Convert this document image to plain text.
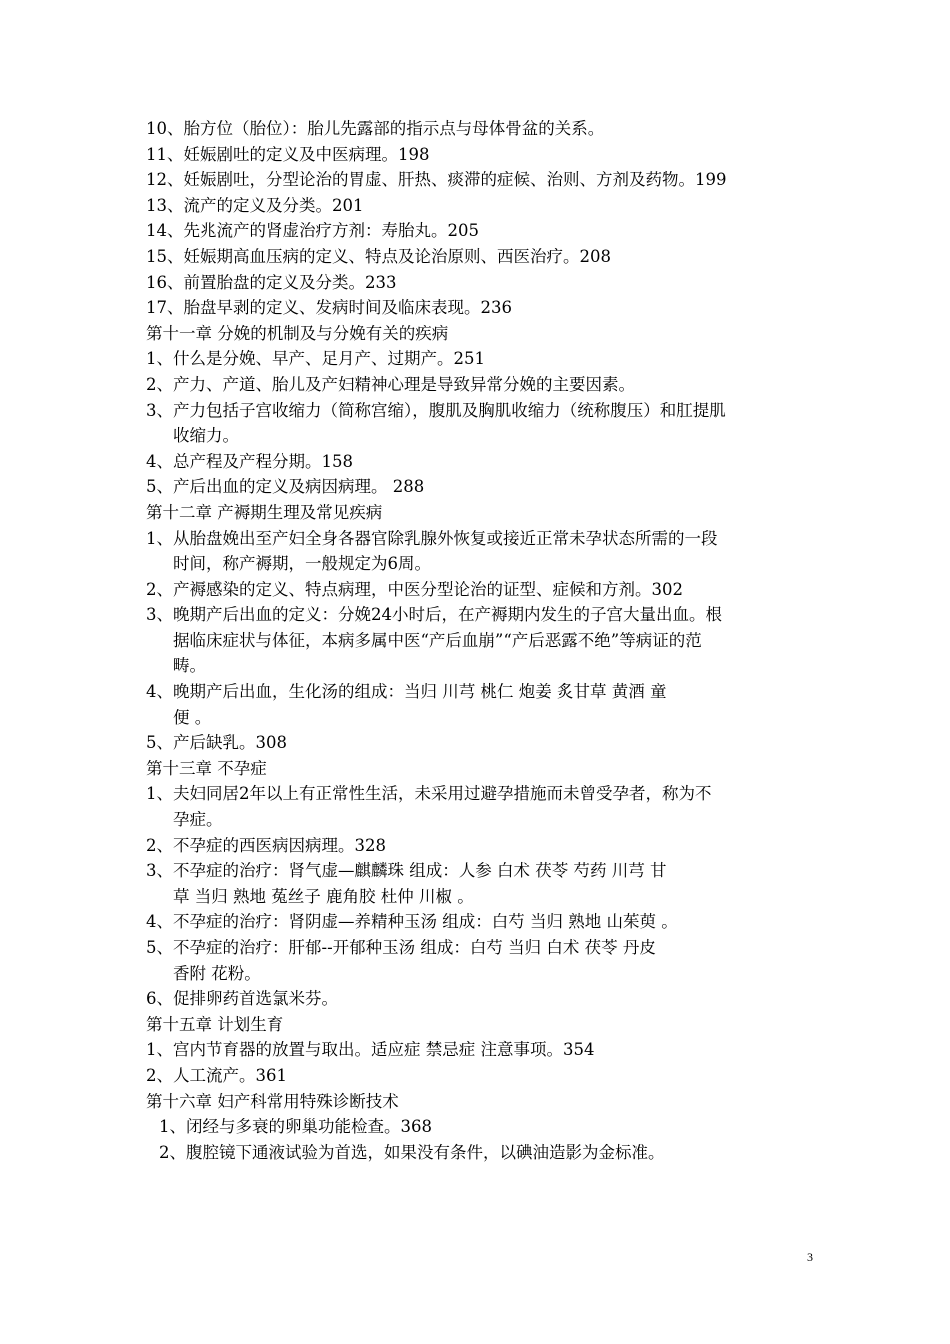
10、胎方位（胎位）：胎儿先露部的指示点与母体骨盆的关系。
11、妊娠剧吐的定义及中医病理。198
12、妊娠剧吐，分型论治的胃虚、肝热、痰滞的症候、治则、方剂及药物。199
13、流产的定义及分类。201
14、先兆流产的肾虚治疗方剂：寿胎丸。205
15、妊娠期高血压病的定义、特点及论治原则、西医治疗。208
16、前置胎盘的定义及分类。233
17、胎盘早剥的定义、发病时间及临床表现。236
第十一章 分娩的机制及与分娩有关的疾病
1、什么是分娩、早产、足月产、过期产。251
2、产力、产道、胎儿及产妇精神心理是导致异常分娩的主要因素。
3、产力包括子宫收缩力（简称宫缩），腹肌及胸肌收缩力（统称腹压）和肛提肌
收缩力。
4、总产程及产程分期。158
5、产后出血的定义及病因病理。 288
第十二章 产褥期生理及常见疾病
1、从胎盘娩出至产妇全身各器官除乳腺外恢复或接近正常未孕状态所需的一段
时间，称产褥期，一般规定为6周。
2、产褥感染的定义、特点病理，中医分型论治的证型、症候和方剂。302
3、晚期产后出血的定义：分娩24小时后，在产褥期内发生的子宫大量出血。根
据临床症状与体征，本病多属中医“产后血崩”“产后恶露不绝”等病证的范
畴。
4、晚期产后出血，生化汤的组成：当归 川芎 桃仁 炮姜 炙甘草 黄酒 童
便 。
5、产后缺乳。308
第十三章 不孕症
1、夫妇同居2年以上有正常性生活，未采用过避孕措施而未曾受孕者，称为不
孕症。
2、不孕症的西医病因病理。328
3、不孕症的治疗：肾气虚—麒麟珠 组成：人参 白术 茯苓 芍药 川芎 甘
草 当归 熟地 菟丝子 鹿角胶 杜仲 川椒 。
4、不孕症的治疗：肾阴虚—养精种玉汤 组成：白芍 当归 熟地 山茱萸 。
5、不孕症的治疗：肝郁--开郁种玉汤 组成：白芍 当归 白术 茯苓 丹皮
香附 花粉。
6、促排卵药首选氯米芬。
第十五章 计划生育
1、宫内节育器的放置与取出。适应症 禁忌症 注意事项。354
2、人工流产。361
第十六章 妇产科常用特殊诊断技术
1、闭经与多衰的卵巢功能检查。368
2、腹腔镜下通液试验为首选，如果没有条件，以碘油造影为金标准。
3
